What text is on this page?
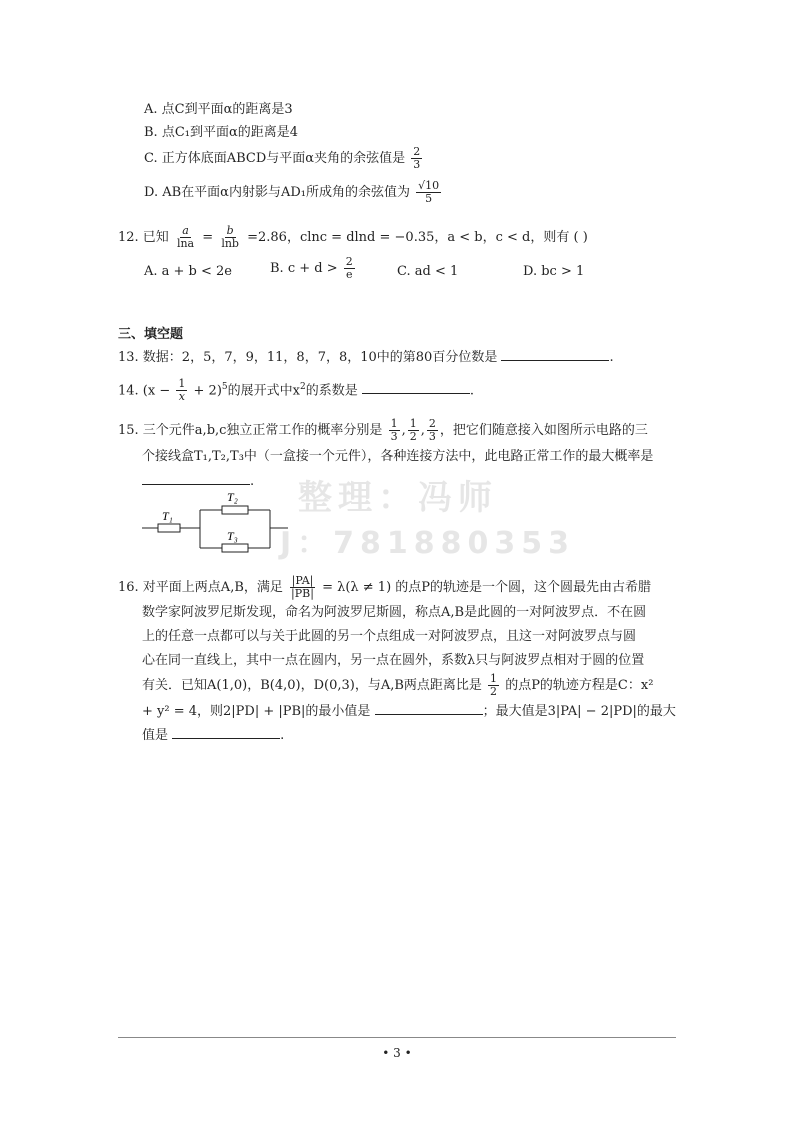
整理：冯师
J：781880353
A. 点C到平面α的距离是3
B. 点C₁到平面α的距离是4
C. 正方体底面ABCD与平面α夹角的余弦值是 $\frac{2}{3}$
D. AB在平面α内射影与AD₁所成角的余弦值为 $\frac{√10}{5}$
12. 已知 $\frac{a}{\ln a} = \frac{b}{\ln b} =2.86$，clnc = dlnd = −0.35，a < b，c < d，则有 ( )
A. a + b < 2e	B. $c + d > \frac{2}{e}$	C. ad < 1	D. bc > 1
三、填空题
13. 数据：2，5，7，9，11，8，7，8，10中的第80百分位数是	.
14. $(x - \frac{1}{x} + 2)^5$的展开式中$x^2$的系数是	.
15. 三个元件a,b,c独立正常工作的概率分别是 $\frac{1}{3}$ , $\frac{1}{2}$ , $\frac{2}{3}$ ，把它们随意接入如图所示电路的三
个接线盒T₁,T₂,T₃中（一盒接一个元件），各种连接方法中，此电路正常工作的最大概率是
.
T₁
T₂
T₃
16. 对平面上两点A,B，满足 $\frac{|PA|}{|PB|} = \lambda(\lambda \ne 1)$ 的点P的轨迹是一个圆，这个圆最先由古希腊
数学家阿波罗尼斯发现，命名为阿波罗尼斯圆，称点A,B是此圆的一对阿波罗点．不在圆
上的任意一点都可以与关于此圆的另一个点组成一对阿波罗点，且这一对阿波罗点与圆
心在同一直线上，其中一点在圆内，另一点在圆外，系数λ只与阿波罗点相对于圆的位置
有关．已知A(1,0)，B(4,0)，D(0,3)，与A,B两点距离比是 $\frac{1}{2}$ 的点P的轨迹方程是C：x²
+ y² = 4，则2|PD| + |PB|的最小值是	；最大值是3|PA| − 2|PD|的最大
值是	.
• 3 •
